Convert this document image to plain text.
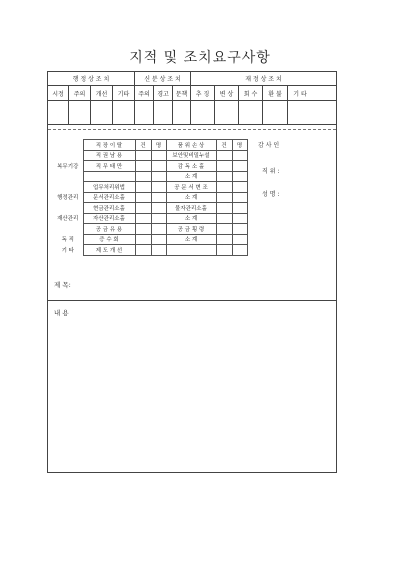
지적 및 조치요구사항
행 정 상 조 치	신 분 상 조 치	재 정 상 조 치
시정	주의	개선	기타	주의	경고	문책	추 징	변 상	회 수	환 불	기 타
	직 장 이 탈	건	명	품 위 손 상	건	명
	직 권 남 용			보안및비밀누설		
복무기강	직 무 태 만			감 독 소 홀		
				소 계		
	업무처리위법			공 문 서 변 조		
행정관리	문서관리소홀			소 계		
	현금관리소홀			물자관리소홀		
재산관리	자산관리소홀			소 계		
	공 금 유 용			공 금 횡 령		
독 직	증 수 회			소 계		
기 타	제 도 개 선					
감 사 인
직 위 :
성 명 :
제 목:
내 용
